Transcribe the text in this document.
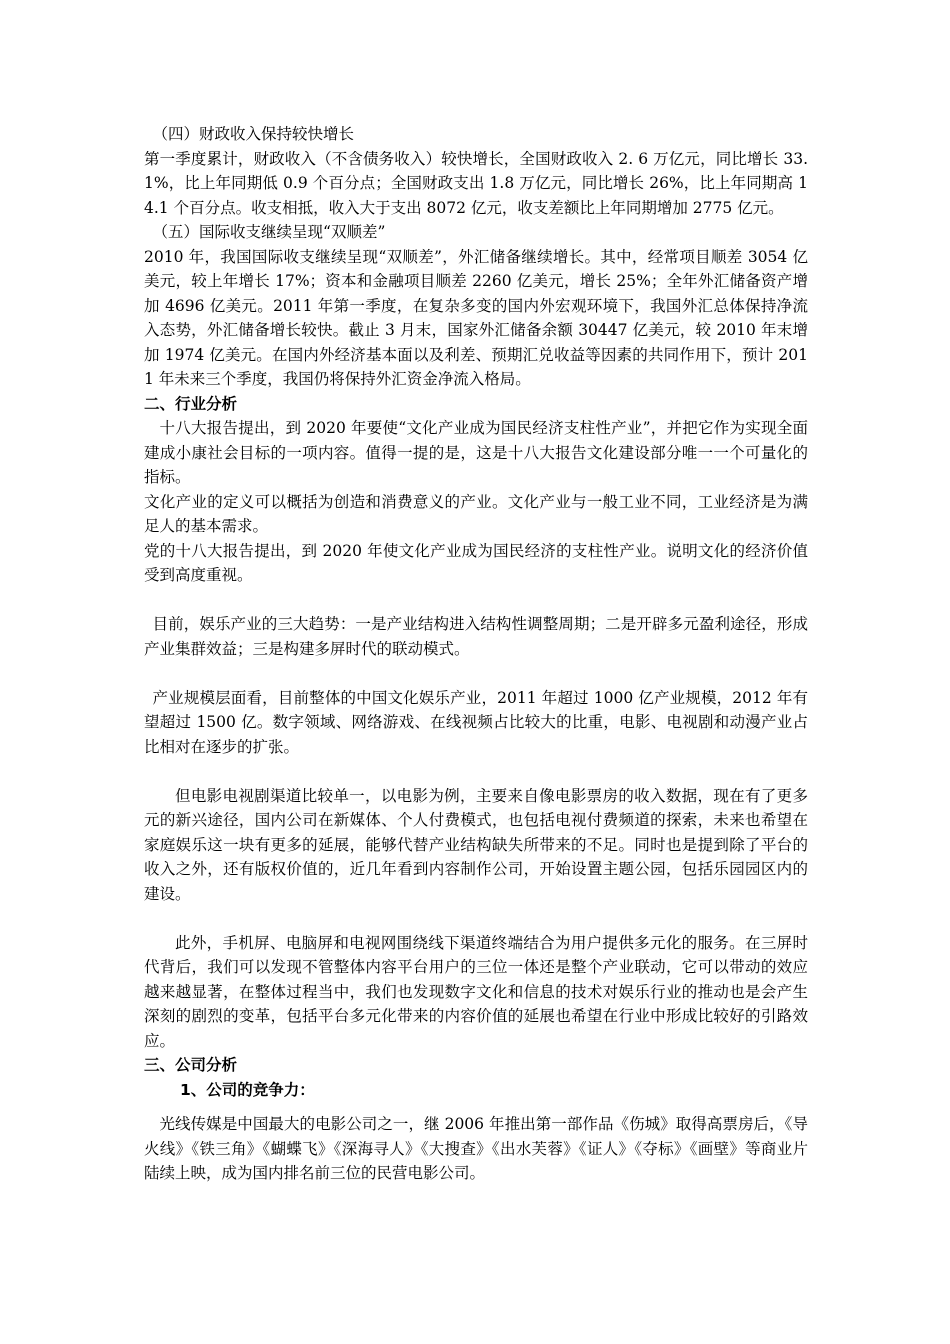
（四）财政收入保持较快增长

第一季度累计，财政收入（不含债务收入）较快增长，全国财政收入 2. 6 万亿元，同比增长 33.1%，比上年同期低 0.9 个百分点；全国财政支出 1.8 万亿元，同比增长 26%，比上年同期高 14.1 个百分点。收支相抵，收入大于支出 8072 亿元，收支差额比上年同期增加 2775 亿元。

（五）国际收支继续呈现“双顺差”

2010 年，我国国际收支继续呈现“双顺差”，外汇储备继续增长。其中，经常项目顺差 3054 亿美元，较上年增长 17%；资本和金融项目顺差 2260 亿美元，增长 25%；全年外汇储备资产增加 4696 亿美元。2011 年第一季度，在复杂多变的国内外宏观环境下，我国外汇总体保持净流入态势，外汇储备增长较快。截止 3 月末，国家外汇储备余额 30447 亿美元，较 2010 年末增加 1974 亿美元。在国内外经济基本面以及利差、预期汇兑收益等因素的共同作用下，预计 2011 年未来三个季度，我国仍将保持外汇资金净流入格局。

二、行业分析

十八大报告提出，到 2020 年要使“文化产业成为国民经济支柱性产业”，并把它作为实现全面建成小康社会目标的一项内容。值得一提的是，这是十八大报告文化建设部分唯一一个可量化的指标。

文化产业的定义可以概括为创造和消费意义的产业。文化产业与一般工业不同，工业经济是为满足人的基本需求。

党的十八大报告提出，到 2020 年使文化产业成为国民经济的支柱性产业。说明文化的经济价值受到高度重视。

目前，娱乐产业的三大趋势：一是产业结构进入结构性调整周期；二是开辟多元盈利途径，形成产业集群效益；三是构建多屏时代的联动模式。

产业规模层面看，目前整体的中国文化娱乐产业，2011 年超过 1000 亿产业规模，2012 年有望超过 1500 亿。数字领域、网络游戏、在线视频占比较大的比重，电影、电视剧和动漫产业占比相对在逐步的扩张。

但电影电视剧渠道比较单一，以电影为例，主要来自像电影票房的收入数据，现在有了更多元的新兴途径，国内公司在新媒体、个人付费模式，也包括电视付费频道的探索，未来也希望在家庭娱乐这一块有更多的延展，能够代替产业结构缺失所带来的不足。同时也是提到除了平台的收入之外，还有版权价值的，近几年看到内容制作公司，开始设置主题公园，包括乐园园区内的建设。

此外，手机屏、电脑屏和电视网围绕线下渠道终端结合为用户提供多元化的服务。在三屏时代背后，我们可以发现不管整体内容平台用户的三位一体还是整个产业联动，它可以带动的效应越来越显著，在整体过程当中，我们也发现数字文化和信息的技术对娱乐行业的推动也是会产生深刻的剧烈的变革，包括平台多元化带来的内容价值的延展也希望在行业中形成比较好的引路效应。

三、公司分析

1、公司的竞争力：

光线传媒是中国最大的电影公司之一，继 2006 年推出第一部作品《伤城》取得高票房后，《导火线》《铁三角》《蝴蝶飞》《深海寻人》《大搜查》《出水芙蓉》《证人》《夺标》《画壁》等商业片陆续上映，成为国内排名前三位的民营电影公司。
